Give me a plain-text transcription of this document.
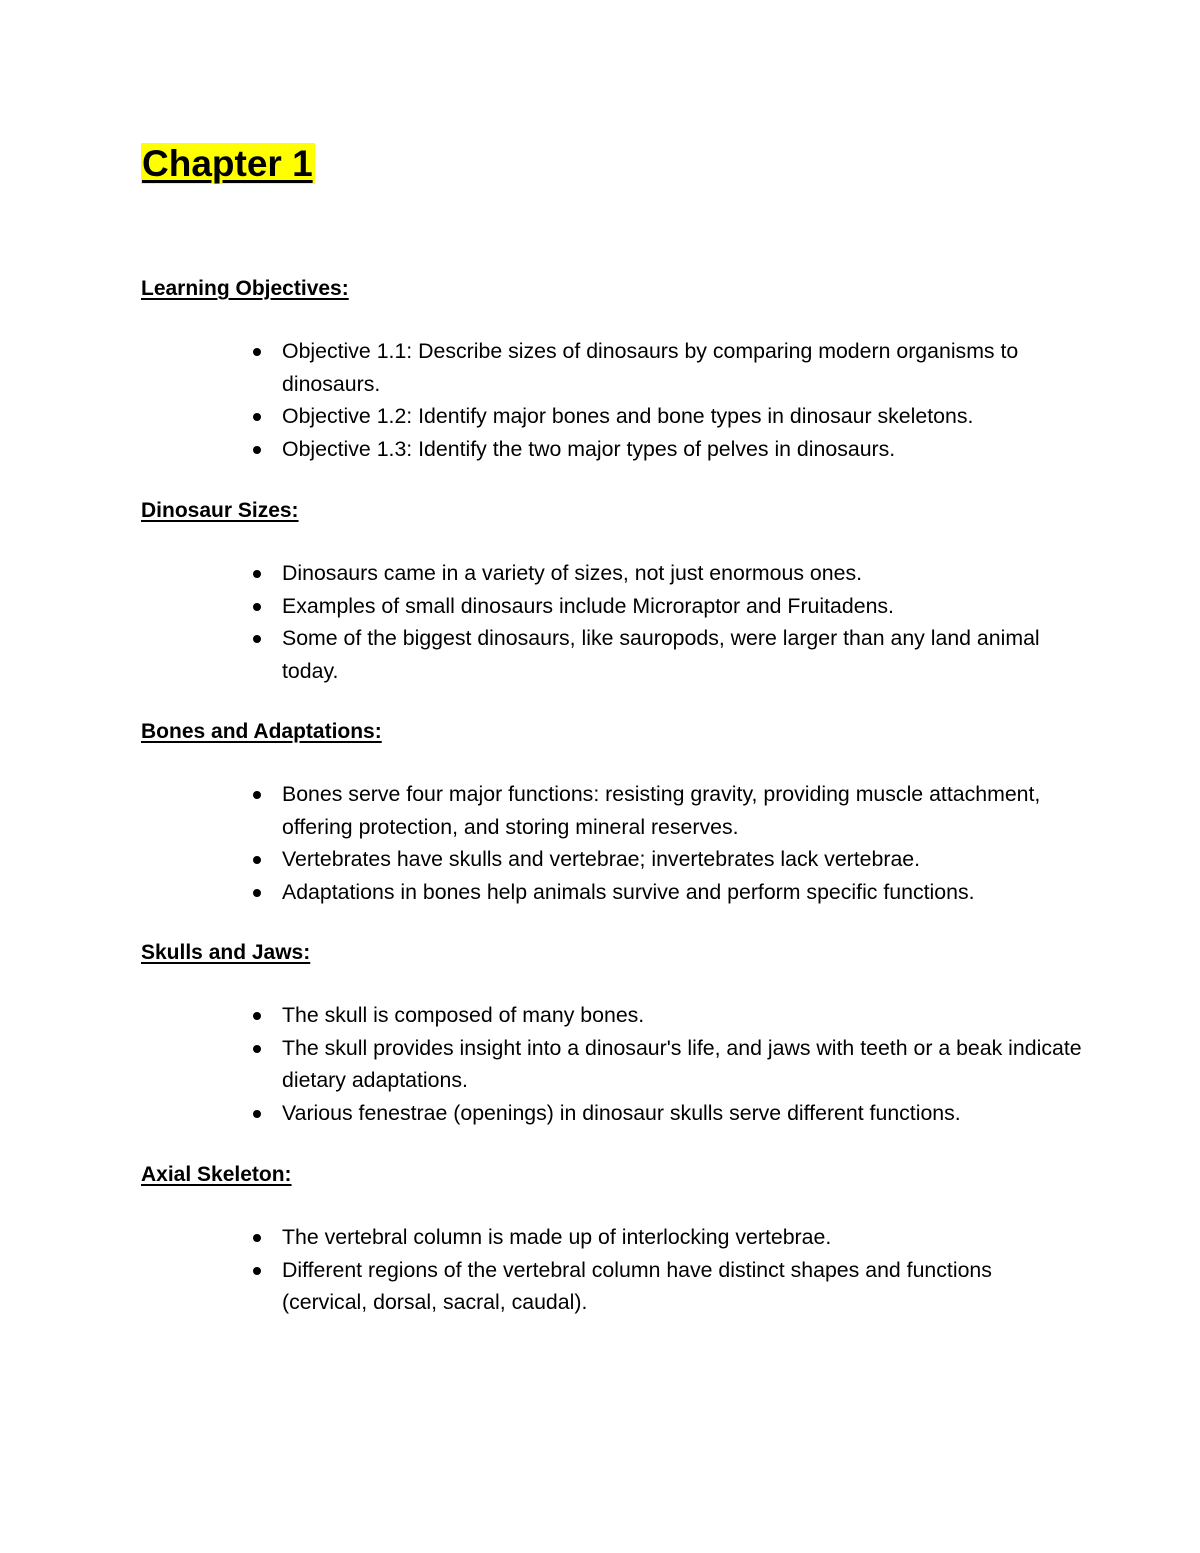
Chapter 1
Learning Objectives:
Objective 1.1: Describe sizes of dinosaurs by comparing modern organisms to dinosaurs.
Objective 1.2: Identify major bones and bone types in dinosaur skeletons.
Objective 1.3: Identify the two major types of pelves in dinosaurs.
Dinosaur Sizes:
Dinosaurs came in a variety of sizes, not just enormous ones.
Examples of small dinosaurs include Microraptor and Fruitadens.
Some of the biggest dinosaurs, like sauropods, were larger than any land animal today.
Bones and Adaptations:
Bones serve four major functions: resisting gravity, providing muscle attachment, offering protection, and storing mineral reserves.
Vertebrates have skulls and vertebrae; invertebrates lack vertebrae.
Adaptations in bones help animals survive and perform specific functions.
Skulls and Jaws:
The skull is composed of many bones.
The skull provides insight into a dinosaur's life, and jaws with teeth or a beak indicate dietary adaptations.
Various fenestrae (openings) in dinosaur skulls serve different functions.
Axial Skeleton:
The vertebral column is made up of interlocking vertebrae.
Different regions of the vertebral column have distinct shapes and functions (cervical, dorsal, sacral, caudal).
